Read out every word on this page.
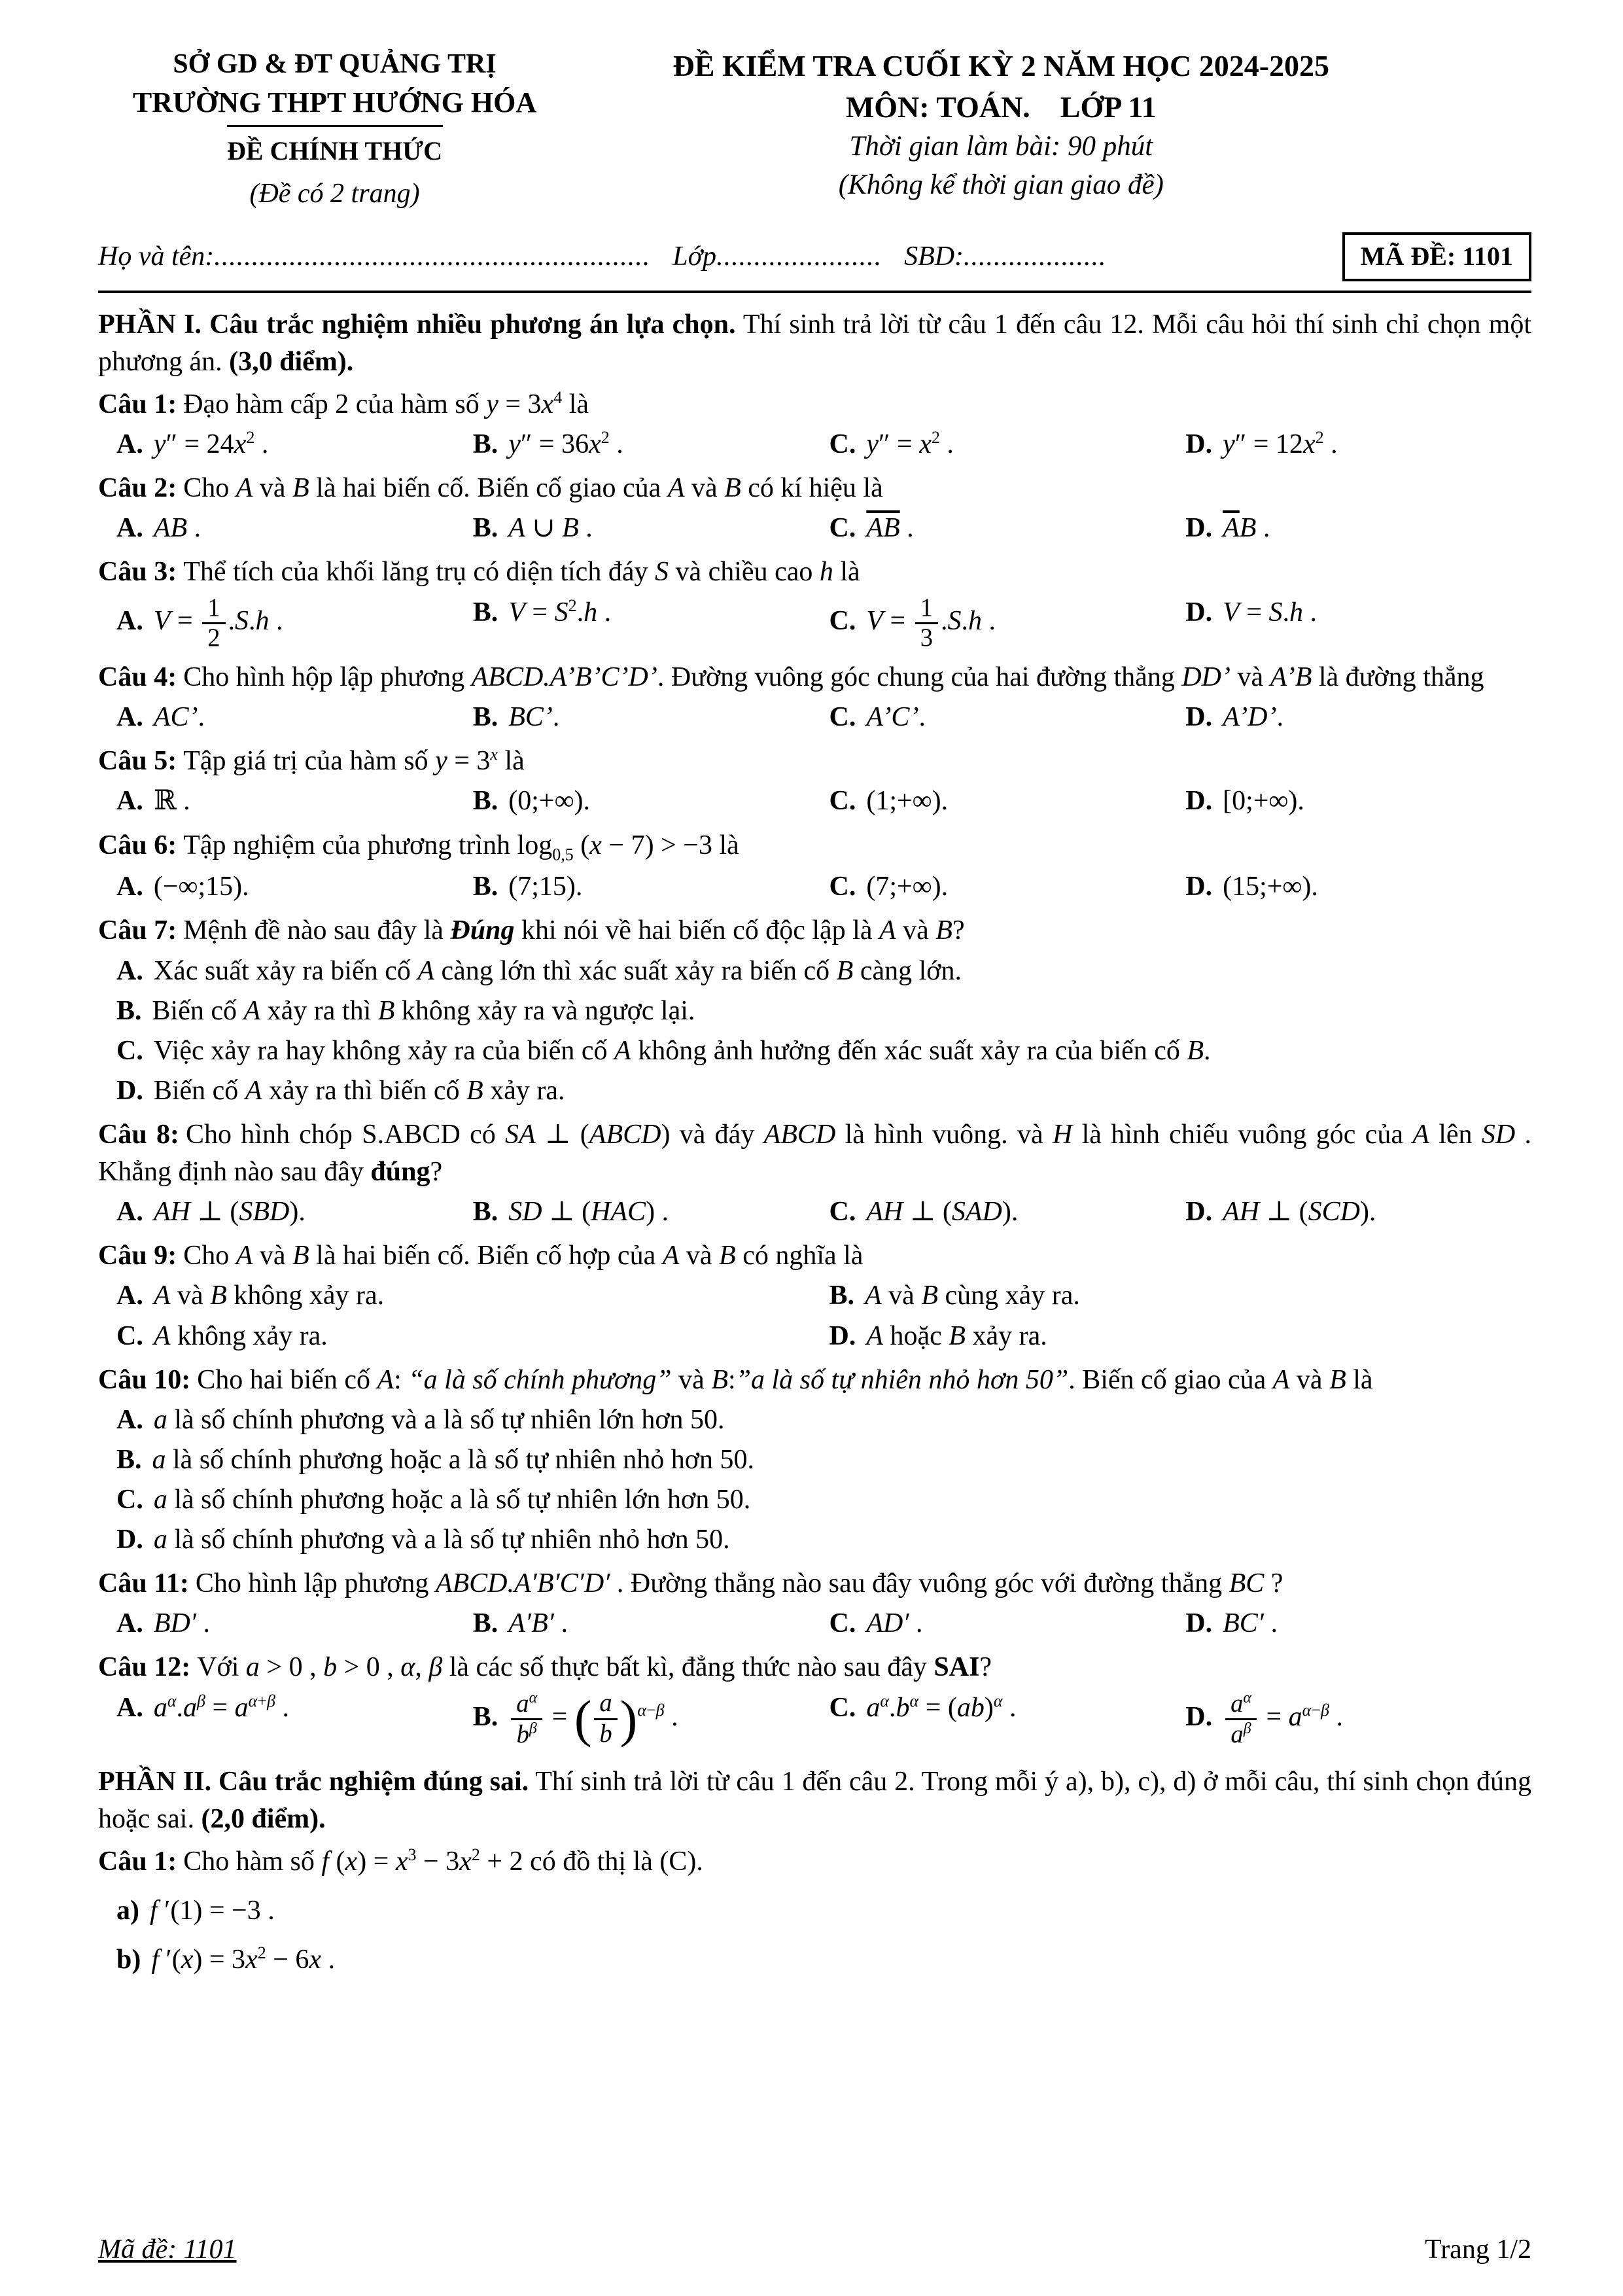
SỞ GD & ĐT QUẢNG TRỊ
TRƯỜNG THPT HƯỚNG HÓA
ĐỀ CHÍNH THỨC
(Đề có 2 trang)
ĐỀ KIỂM TRA CUỐI KỲ 2 NĂM HỌC 2024-2025
MÔN: TOÁN.    LỚP 11
Thời gian làm bài: 90 phút
(Không kể thời gian giao đề)
Họ và tên: .......................................................... Lớp ...................... SBD: ...................	MÃ ĐỀ: 1101

PHẦN I. Câu trắc nghiệm nhiều phương án lựa chọn. Thí sinh trả lời từ câu 1 đến câu 12. Mỗi câu hỏi thí sinh chỉ chọn một phương án. (3,0 điểm).

Câu 1: Đạo hàm cấp 2 của hàm số $y = 3x^4$ là

A. $y'' = 24x^2$ .	B. $y'' = 36x^2$ .	C. $y'' = x^2$ .	D. $y'' = 12x^2$ .

Câu 2: Cho A và B là hai biến cố. Biến cố giao của A và B có kí hiệu là

A. AB .	B. A ∪ B .	C. $\overline{AB}$ .	D. $\overline{A}B$ .

Câu 3: Thể tích của khối lăng trụ có diện tích đáy S và chiều cao h là

A. $V = \frac{1}{2} .S.h$ .	B. $V = S^2.h$ .	C. $V = \frac{1}{3} .S.h$ .	D. V = S.h .

Câu 4: Cho hình hộp lập phương ABCD.A’B’C’D’. Đường vuông góc chung của hai đường thẳng DD’ và A’B là đường thẳng

A. AC’.	B. BC’.	C. A’C’.	D. A’D’.

Câu 5: Tập giá trị của hàm số $y = 3^x$ là

A. ℝ .	B. (0;+∞).	C. (1;+∞).	D. [0;+∞).

Câu 6: Tập nghiệm của phương trình $\log_{0,5} (x - 7) > -3$ là

A. (−∞;15).	B. (7;15).	C. (7;+∞).	D. (15;+∞).

Câu 7: Mệnh đề nào sau đây là Đúng khi nói về hai biến cố độc lập là A và B?

A. Xác suất xảy ra biến cố A càng lớn thì xác suất xảy ra biến cố B càng lớn.
B. Biến cố A xảy ra thì B không xảy ra và ngược lại.
C. Việc xảy ra hay không xảy ra của biến cố A không ảnh hưởng đến xác suất xảy ra của biến cố B.
D. Biến cố A xảy ra thì biến cố B xảy ra.

Câu 8: Cho hình chóp S.ABCD có SA ⊥ (ABCD) và đáy ABCD là hình vuông. và H là hình chiếu vuông góc của A lên SD . Khẳng định nào sau đây đúng?

A. AH ⊥ (SBD).	B. SD ⊥ (HAC) .	C. AH ⊥ (SAD).	D. AH ⊥ (SCD).

Câu 9: Cho A và B là hai biến cố. Biến cố hợp của A và B có nghĩa là

A. A và B không xảy ra.	B. A và B cùng xảy ra.
C. A không xảy ra.	D. A hoặc B xảy ra.

Câu 10: Cho hai biến cố A: “a là số chính phương” và B:”a là số tự nhiên nhỏ hơn 50”. Biến cố giao của A và B là

A. a là số chính phương và a là số tự nhiên lớn hơn 50.
B. a là số chính phương hoặc a là số tự nhiên nhỏ hơn 50.
C. a là số chính phương hoặc a là số tự nhiên lớn hơn 50.
D. a là số chính phương và a là số tự nhiên nhỏ hơn 50.

Câu 11: Cho hình lập phương ABCD.A′B′C′D′ . Đường thẳng nào sau đây vuông góc với đường thẳng BC ?

A. BD′ .	B. A′B′ .	C. AD′ .	D. BC′ .

Câu 12: Với a > 0 , b > 0 , α, β là các số thực bất kì, đẳng thức nào sau đây SAI?

A. $a^\alpha.a^\beta = a^{\alpha+\beta}$ .	B. $\frac{a^\alpha}{b^\beta}$ = ( $\frac{a}{b} )^{\alpha-\beta}$ .	C. $a^\alpha.b^\alpha = (ab)^\alpha$ .	D. $\frac{a^\alpha}{a^\beta} = a^{\alpha-\beta}$ .

PHẦN II. Câu trắc nghiệm đúng sai. Thí sinh trả lời từ câu 1 đến câu 2. Trong mỗi ý a), b), c), d) ở mỗi câu, thí sinh chọn đúng hoặc sai. (2,0 điểm).

Câu 1: Cho hàm số f $(x) = x^3 - 3x^2 + 2$ có đồ thị là (C).

a) f ′(1) = −3 .
b) f $'(x) = 3x^2 - 6x$ .
Mã đề: 1101	Trang 1/2
